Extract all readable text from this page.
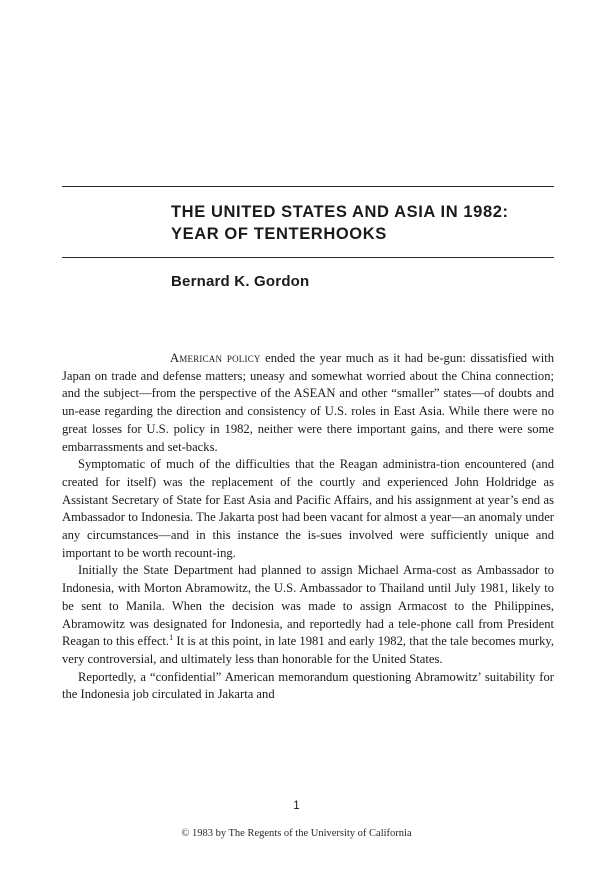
THE UNITED STATES AND ASIA IN 1982:
YEAR OF TENTERHOOKS
Bernard K. Gordon

American policy ended the year much as it had be-gun: dissatisfied with Japan on trade and defense matters; uneasy and somewhat worried about the China connection; and the subject—from the perspective of the ASEAN and other “smaller” states—of doubts and un-ease regarding the direction and consistency of U.S. roles in East Asia. While there were no great losses for U.S. policy in 1982, neither were there important gains, and there were some embarrassments and set-backs.

Symptomatic of much of the difficulties that the Reagan administra-tion encountered (and created for itself) was the replacement of the courtly and experienced John Holdridge as Assistant Secretary of State for East Asia and Pacific Affairs, and his assignment at year’s end as Ambassador to Indonesia. The Jakarta post had been vacant for almost a year—an anomaly under any circumstances—and in this instance the is-sues involved were sufficiently unique and important to be worth recount-ing.

Initially the State Department had planned to assign Michael Arma-cost as Ambassador to Indonesia, with Morton Abramowitz, the U.S. Ambassador to Thailand until July 1981, likely to be sent to Manila. When the decision was made to assign Armacost to the Philippines, Abramowitz was designated for Indonesia, and reportedly had a tele-phone call from President Reagan to this effect.$^1$ It is at this point, in late 1981 and early 1982, that the tale becomes murky, very controversial, and ultimately less than honorable for the United States.

Reportedly, a “confidential” American memorandum questioning Abramowitz’ suitability for the Indonesia job circulated in Jakarta and

1
© 1983 by The Regents of the University of California
